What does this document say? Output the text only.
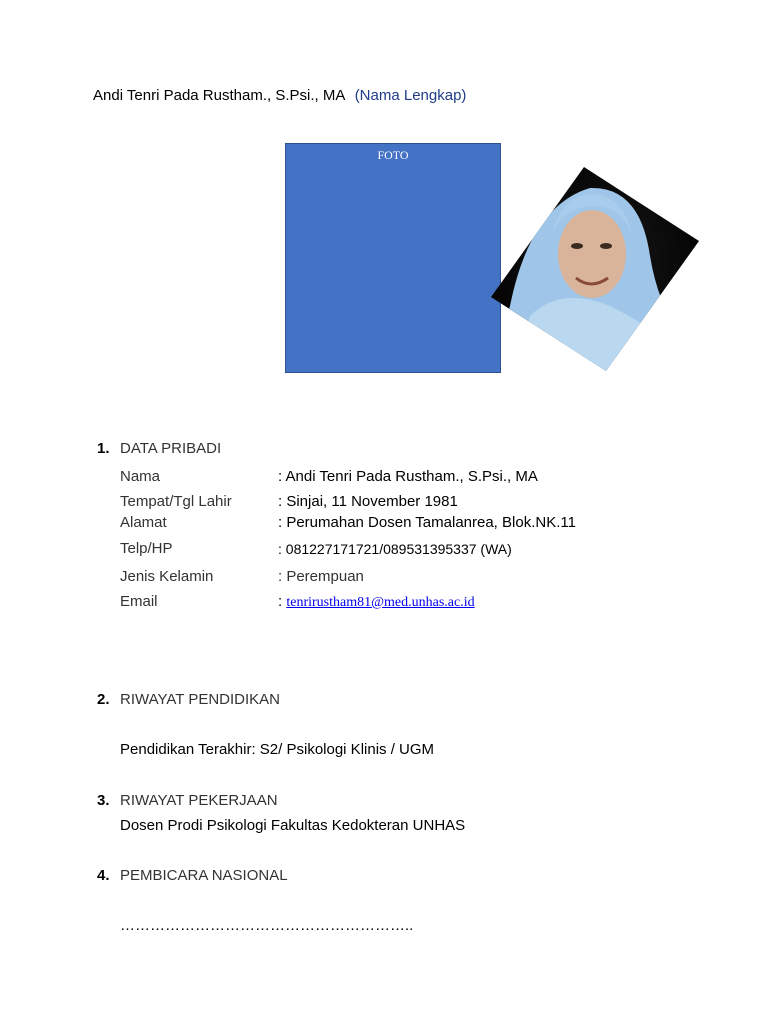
Andi Tenri Pada Rustham., S.Psi., MA (Nama Lengkap)
FOTO
1. DATA PRIBADI
Nama	: Andi Tenri Pada Rustham., S.Psi., MA
Tempat/Tgl Lahir	: Sinjai, 11 November 1981
Alamat	: Perumahan Dosen Tamalanrea, Blok.NK.11
Telp/HP	: 081227171721/089531395337 (WA)
Jenis Kelamin	: Perempuan
Email	: tenrirustham81@med.unhas.ac.id
2. RIWAYAT PENDIDIKAN
Pendidikan Terakhir: S2/ Psikologi Klinis / UGM
3. RIWAYAT PEKERJAAN
Dosen Prodi Psikologi Fakultas Kedokteran UNHAS
4. PEMBICARA NASIONAL
…………………………………………………..
